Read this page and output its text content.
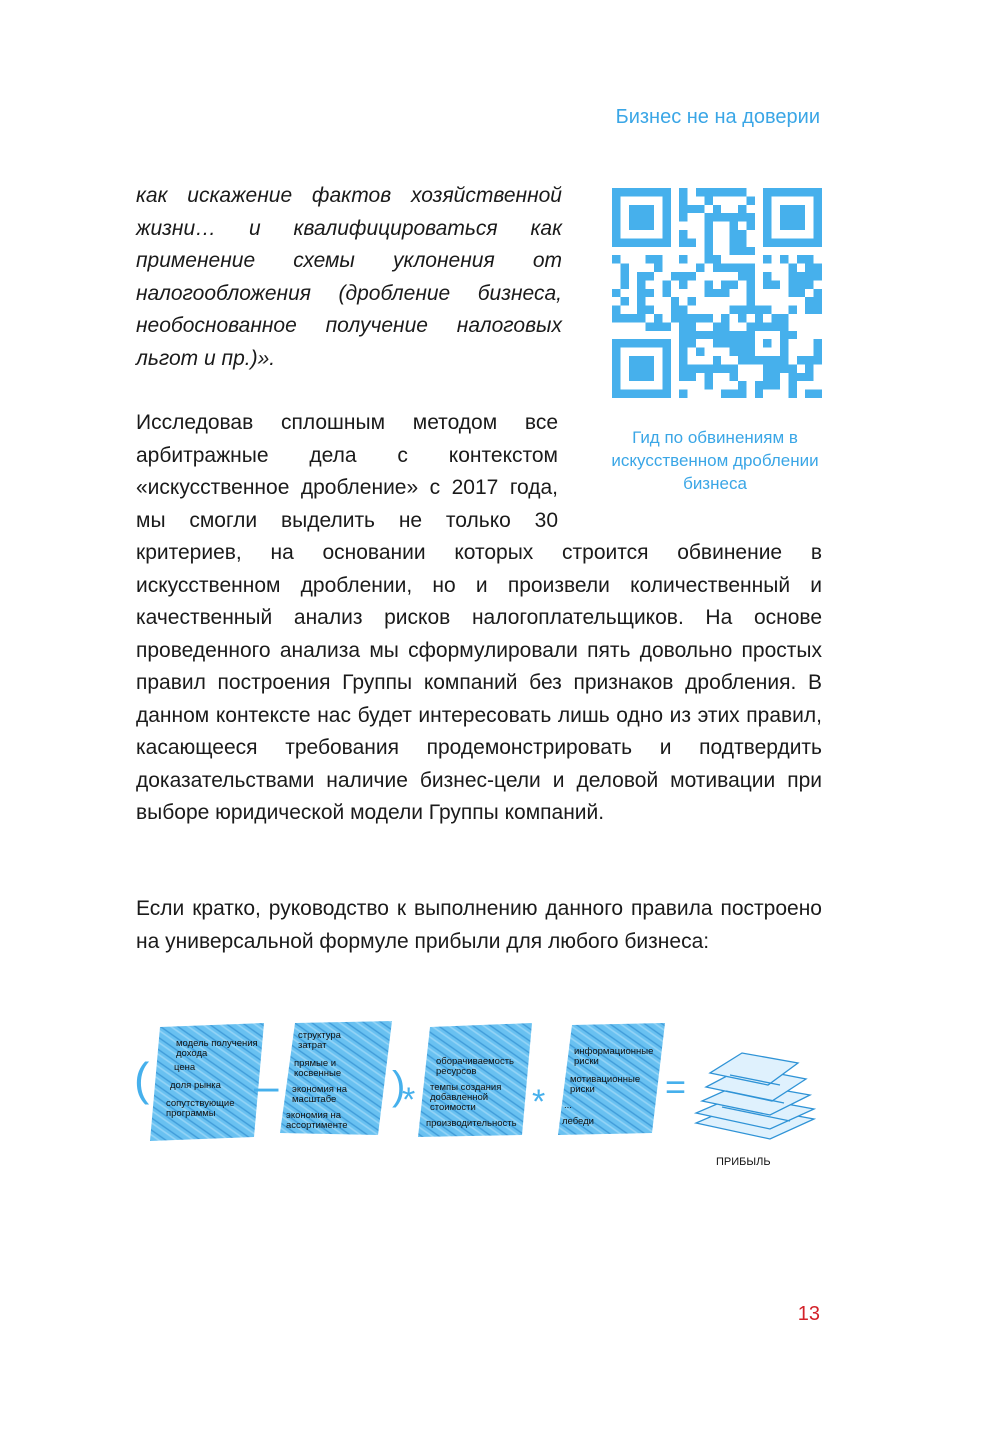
Бизнес не на доверии

как искажение фактов хозяйственной жизни… и квалифицироваться как применение схемы уклонения от налогообложения (дробление бизнеса, необоснованное получение налоговых льгот и пр.)».

Гид по обвинениям в искусственном дроблении бизнеса
Исследовав сплошным методом все арбитражные дела с контекстом «искусственное дробление» с 2017 года, мы смогли выделить не только 30 критериев, на основании которых строится обвинение в искусственном дроблении, но и произвели количественный и качественный анализ рисков налогоплательщиков. На основе проведенного анализа мы сформулировали пять довольно простых правил построения Группы компаний без признаков дробления. В данном контексте нас будет интересовать лишь одно из этих правил, касающееся требования продемонстрировать и подтвердить доказательствами наличие бизнес-цели и деловой мотивации при выборе юридической модели Группы компаний.

Если кратко, руководство к выполнению данного правила построено на универсальной формуле прибыли для любого бизнеса:

( –	)
*	*	=
модель получения дохода
цена
доля рынка
сопутствующие программы
структура затрат
прямые и косвенные
экономия на масштабе
экономия на ассортименте
оборачиваемость ресурсов
темпы создания добавленной стоимости
производительность
информационные риски
мотивационные риски
...
лебеди
ПРИБЫЛЬ
13
